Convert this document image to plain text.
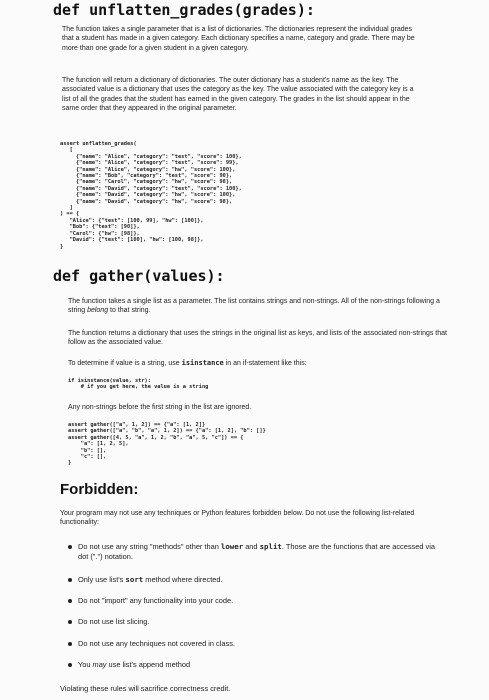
def unflatten_grades(grades):
The function takes a single parameter that is a list of dictionaries. The dictionaries represent the individual grades that a student has made in a given category. Each dictionary specifies a name, category and grade. There may be more than one grade for a given student in a given category.
The function will return a dictionary of dictionaries. The outer dictionary has a student's name as the key. The associated value is a dictionary that uses the category as the key. The value associated with the category key is a list of all the grades that the student has earned in the given category. The grades in the list should appear in the same order that they appeared in the original parameter.
assert unflatten_grades(
[
{"name": "Alice", "category": "test", "score": 100},
{"name": "Alice", "category": "test", "score": 99},
{"name": "Alice", "category": "hw", "score": 100},
{"name": "Bob", "category": "test", "score": 90},
{"name": "Carol", "category": "hw", "score": 98},
{"name": "David", "category": "test", "score": 100},
{"name": "David", "category": "hw", "score": 100},
{"name": "David", "category": "hw", "score": 98},
]
) == {
"Alice": {"test": [100, 99], "hw": [100]},
"Bob": {"test": [90]},
"Carol": {"hw": [98]},
"David": {"test": [100], "hw": [100, 98]},
}
def gather(values):
The function takes a single list as a parameter. The list contains strings and non-strings. All of the non-strings following a string belong to that string.
The function returns a dictionary that uses the strings in the original list as keys, and lists of the associated non-strings that follow as the associated value.
To determine if value is a string, use isinstance in an if-statement like this:
if isinstance(value, str):
# if you get here, the value is a string
Any non-strings before the first string in the list are ignored.
assert gather(["a", 1, 2]) == {"a": [1, 2]}
assert gather(["a", "b", "a", 1, 2]) == {"a": [1, 2], "b": []}
assert gather([4, 5, "a", 1, 2, "b", "a", 5, "c"]) == {
"a": [1, 2, 5],
"b": [],
"c": [],
}
Forbidden:
Your program may not use any techniques or Python features forbidden below. Do not use the following list-related functionality:
Do not use any string "methods" other than lower and split. Those are the functions that are accessed via dot (".") notation.
Only use list's sort method where directed.
Do not "import" any functionality into your code.
Do not use list slicing.
Do not use any techniques not covered in class.
You may use list's append method
Violating these rules will sacrifice correctness credit.
